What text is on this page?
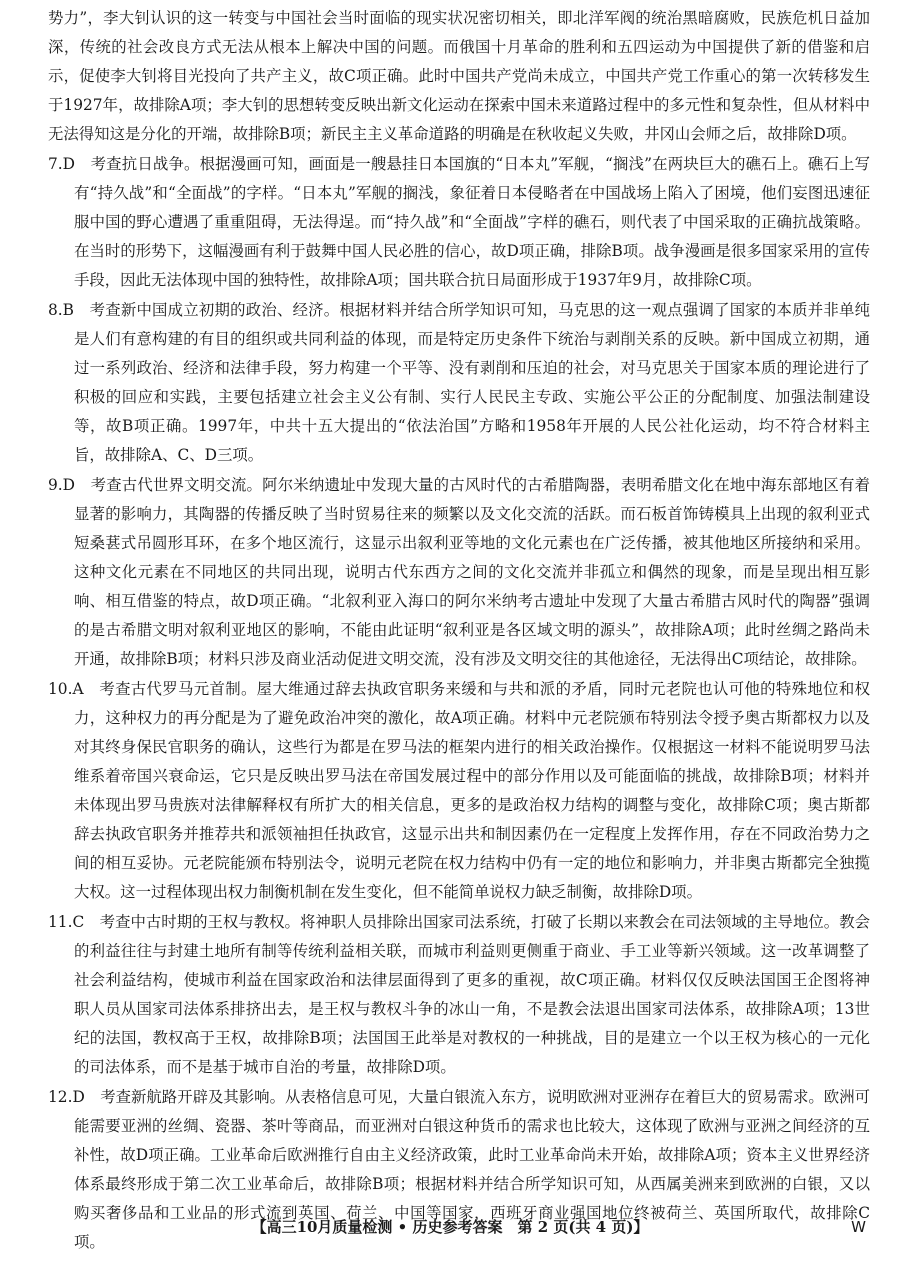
势力”，李大钊认识的这一转变与中国社会当时面临的现实状况密切相关，即北洋军阀的统治黑暗腐败，民族危机日益加深，传统的社会改良方式无法从根本上解决中国的问题。而俄国十月革命的胜利和五四运动为中国提供了新的借鉴和启示，促使李大钊将目光投向了共产主义，故C项正确。此时中国共产党尚未成立，中国共产党工作重心的第一次转移发生于1927年，故排除A项；李大钊的思想转变反映出新文化运动在探索中国未来道路过程中的多元性和复杂性，但从材料中无法得知这是分化的开端，故排除B项；新民主主义革命道路的明确是在秋收起义失败，井冈山会师之后，故排除D项。

7.D  考查抗日战争。根据漫画可知，画面是一艘悬挂日本国旗的“日本丸”军舰，“搁浅”在两块巨大的礁石上。礁石上写有“持久战”和“全面战”的字样。“日本丸”军舰的搁浅，象征着日本侵略者在中国战场上陷入了困境，他们妄图迅速征服中国的野心遭遇了重重阻碍，无法得逞。而“持久战”和“全面战”字样的礁石，则代表了中国采取的正确抗战策略。在当时的形势下，这幅漫画有利于鼓舞中国人民必胜的信心，故D项正确，排除B项。战争漫画是很多国家采用的宣传手段，因此无法体现中国的独特性，故排除A项；国共联合抗日局面形成于1937年9月，故排除C项。

8.B  考查新中国成立初期的政治、经济。根据材料并结合所学知识可知，马克思的这一观点强调了国家的本质并非单纯是人们有意构建的有目的组织或共同利益的体现，而是特定历史条件下统治与剥削关系的反映。新中国成立初期，通过一系列政治、经济和法律手段，努力构建一个平等、没有剥削和压迫的社会，对马克思关于国家本质的理论进行了积极的回应和实践，主要包括建立社会主义公有制、实行人民民主专政、实施公平公正的分配制度、加强法制建设等，故B项正确。1997年，中共十五大提出的“依法治国”方略和1958年开展的人民公社化运动，均不符合材料主旨，故排除A、C、D三项。

9.D  考查古代世界文明交流。阿尔米纳遗址中发现大量的古风时代的古希腊陶器，表明希腊文化在地中海东部地区有着显著的影响力，其陶器的传播反映了当时贸易往来的频繁以及文化交流的活跃。而石板首饰铸模具上出现的叙利亚式短桑葚式吊圆形耳环，在多个地区流行，这显示出叙利亚等地的文化元素也在广泛传播，被其他地区所接纳和采用。这种文化元素在不同地区的共同出现，说明古代东西方之间的文化交流并非孤立和偶然的现象，而是呈现出相互影响、相互借鉴的特点，故D项正确。“北叙利亚入海口的阿尔米纳考古遗址中发现了大量古希腊古风时代的陶器”强调的是古希腊文明对叙利亚地区的影响，不能由此证明“叙利亚是各区域文明的源头”，故排除A项；此时丝绸之路尚未开通，故排除B项；材料只涉及商业活动促进文明交流，没有涉及文明交往的其他途径，无法得出C项结论，故排除。

10.A  考查古代罗马元首制。屋大维通过辞去执政官职务来缓和与共和派的矛盾，同时元老院也认可他的特殊地位和权力，这种权力的再分配是为了避免政治冲突的激化，故A项正确。材料中元老院颁布特别法令授予奥古斯都权力以及对其终身保民官职务的确认，这些行为都是在罗马法的框架内进行的相关政治操作。仅根据这一材料不能说明罗马法维系着帝国兴衰命运，它只是反映出罗马法在帝国发展过程中的部分作用以及可能面临的挑战，故排除B项；材料并未体现出罗马贵族对法律解释权有所扩大的相关信息，更多的是政治权力结构的调整与变化，故排除C项；奥古斯都辞去执政官职务并推荐共和派领袖担任执政官，这显示出共和制因素仍在一定程度上发挥作用，存在不同政治势力之间的相互妥协。元老院能颁布特别法令，说明元老院在权力结构中仍有一定的地位和影响力，并非奥古斯都完全独揽大权。这一过程体现出权力制衡机制在发生变化，但不能简单说权力缺乏制衡，故排除D项。

11.C  考查中古时期的王权与教权。将神职人员排除出国家司法系统，打破了长期以来教会在司法领域的主导地位。教会的利益往往与封建土地所有制等传统利益相关联，而城市利益则更侧重于商业、手工业等新兴领域。这一改革调整了社会利益结构，使城市利益在国家政治和法律层面得到了更多的重视，故C项正确。材料仅仅反映法国国王企图将神职人员从国家司法体系排挤出去，是王权与教权斗争的冰山一角，不是教会法退出国家司法体系，故排除A项；13世纪的法国，教权高于王权，故排除B项；法国国王此举是对教权的一种挑战，目的是建立一个以王权为核心的一元化的司法体系，而不是基于城市自治的考量，故排除D项。

12.D  考查新航路开辟及其影响。从表格信息可见，大量白银流入东方，说明欧洲对亚洲存在着巨大的贸易需求。欧洲可能需要亚洲的丝绸、瓷器、茶叶等商品，而亚洲对白银这种货币的需求也比较大，这体现了欧洲与亚洲之间经济的互补性，故D项正确。工业革命后欧洲推行自由主义经济政策，此时工业革命尚未开始，故排除A项；资本主义世界经济体系最终形成于第二次工业革命后，故排除B项；根据材料并结合所学知识可知，从西属美洲来到欧洲的白银，又以购买奢侈品和工业品的形式流到英国、荷兰、中国等国家，西班牙商业强国地位终被荷兰、英国所取代，故排除C项。

【高三10月质量检测 • 历史参考答案　第 2 页(共 4 页)】	W
